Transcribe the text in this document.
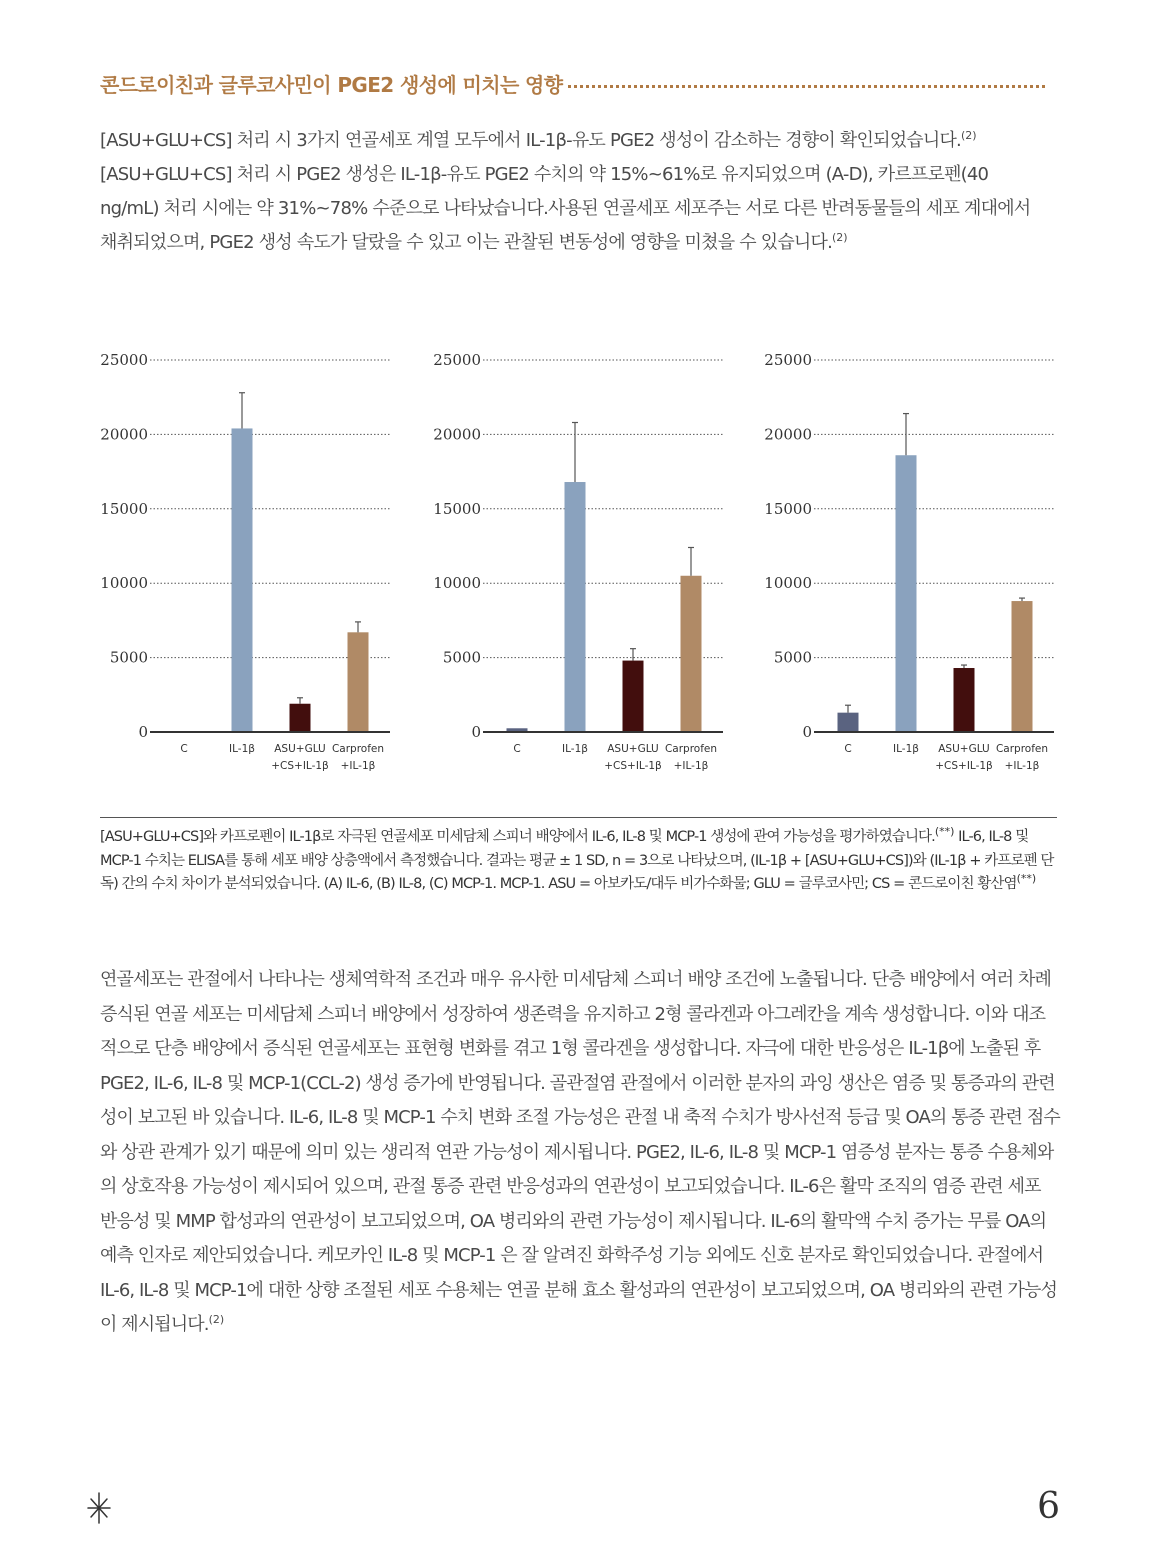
콘드로이친과 글루코사민이 PGE2 생성에 미치는 영향

[ASU+GLU+CS] 처리 시 3가지 연골세포 계열 모두에서 IL-1β-유도 PGE2 생성이 감소하는 경향이 확인되었습니다.$^{(2)}$ [ASU+GLU+CS] 처리 시 PGE2 생성은 IL-1β-유도 PGE2 수치의 약 15%~61%로 유지되었으며 (A-D), 카르프로펜(40 ng/mL) 처리 시에는 약 31%~78% 수준으로 나타났습니다.사용된 연골세포 세포주는 서로 다른 반려동물들의 세포 계대에서 채취되었으며, PGE2 생성 속도가 달랐을 수 있고 이는 관찰된 변동성에 영향을 미쳤을 수 있습니다.$^{(2)}$

0
5000
10000
15000
20000
25000
C	IL-1β ASU+GLU
+CS+IL-1β
Carprofen
+IL-1β
0
5000
10000
15000
20000
25000
C	IL-1β ASU+GLU
+CS+IL-1β
Carprofen
+IL-1β
0
5000
10000
15000
20000
25000
C	IL-1β ASU+GLU
+CS+IL-1β
Carprofen
+IL-1β

[ASU+GLU+CS]와 카프로펜이 IL-1β로 자극된 연골세포 미세담체 스피너 배양에서 IL-6, IL-8 및 MCP-1 생성에 관여 가능성을 평가하였습니다.(**) IL-6, IL-8 및 MCP-1 수치는 ELISA를 통해 세포 배양 상층액에서 측정했습니다. 결과는 평균 ± 1 SD, n = 3으로 나타났으며, (IL-1β + [ASU+GLU+CS])와 (IL-1β + 카프로펜 단독) 간의 수치 차이가 분석되었습니다. (A) IL-6, (B) IL-8, (C) MCP-1. MCP-1. ASU = 아보카도/대두 비가수화물; GLU = 글루코사민; CS = 콘드로이친 황산염(**)

연골세포는 관절에서 나타나는 생체역학적 조건과 매우 유사한 미세담체 스피너 배양 조건에 노출됩니다. 단층 배양에서 여러 차례 증식된 연골 세포는 미세담체 스피너 배양에서 성장하여 생존력을 유지하고 2형 콜라겐과 아그레칸을 계속 생성합니다. 이와 대조적으로 단층 배양에서 증식된 연골세포는 표현형 변화를 겪고 1형 콜라겐을 생성합니다. 자극에 대한 반응성은 IL-1β에 노출된 후 PGE2, IL-6, IL-8 및 MCP-1(CCL-2) 생성 증가에 반영됩니다. 골관절염 관절에서 이러한 분자의 과잉 생산은 염증 및 통증과의 관련성이 보고된 바 있습니다. IL-6, IL-8 및 MCP-1 수치 변화 조절 가능성은 관절 내 축적 수치가 방사선적 등급 및 OA의 통증 관련 점수와 상관 관계가 있기 때문에 의미 있는 생리적 연관 가능성이 제시됩니다. PGE2, IL-6, IL-8 및 MCP-1 염증성 분자는 통증 수용체와의 상호작용 가능성이 제시되어 있으며, 관절 통증 관련 반응성과의 연관성이 보고되었습니다. IL-6은 활막 조직의 염증 관련 세포 반응성 및 MMP 합성과의 연관성이 보고되었으며, OA 병리와의 관련 가능성이 제시됩니다. IL-6의 활막액 수치 증가는 무릎 OA의 예측 인자로 제안되었습니다. 케모카인 IL-8 및 MCP-1 은 잘 알려진 화학주성 기능 외에도 신호 분자로 확인되었습니다. 관절에서 IL-6, IL-8 및 MCP-1에 대한 상향 조절된 세포 수용체는 연골 분해 효소 활성과의 연관성이 보고되었으며, OA 병리와의 관련 가능성이 제시됩니다.$^{(2)}$

6
